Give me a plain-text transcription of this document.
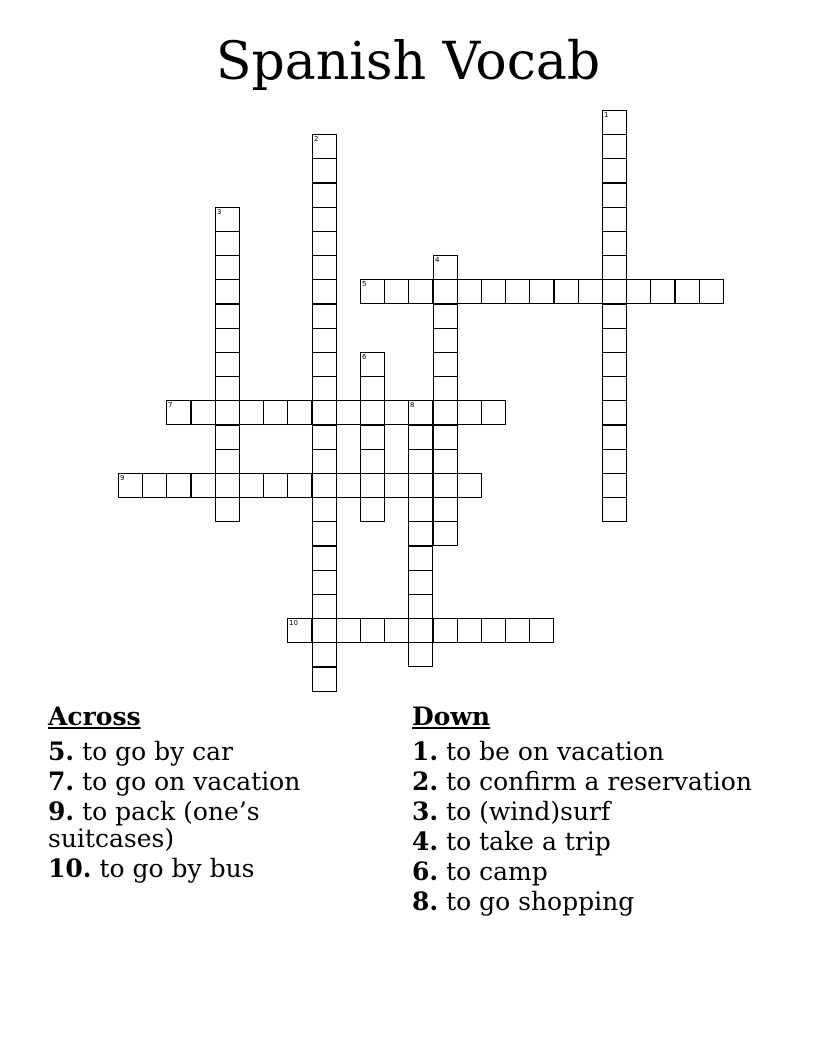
Spanish Vocab
1
2
3
4
5
6
7	8
9
10
Across
5. to go by car
7. to go on vacation
9. to pack (one’s suitcases)
10. to go by bus
Down
1. to be on vacation
2. to confirm a reservation
3. to (wind)surf
4. to take a trip
6. to camp
8. to go shopping
